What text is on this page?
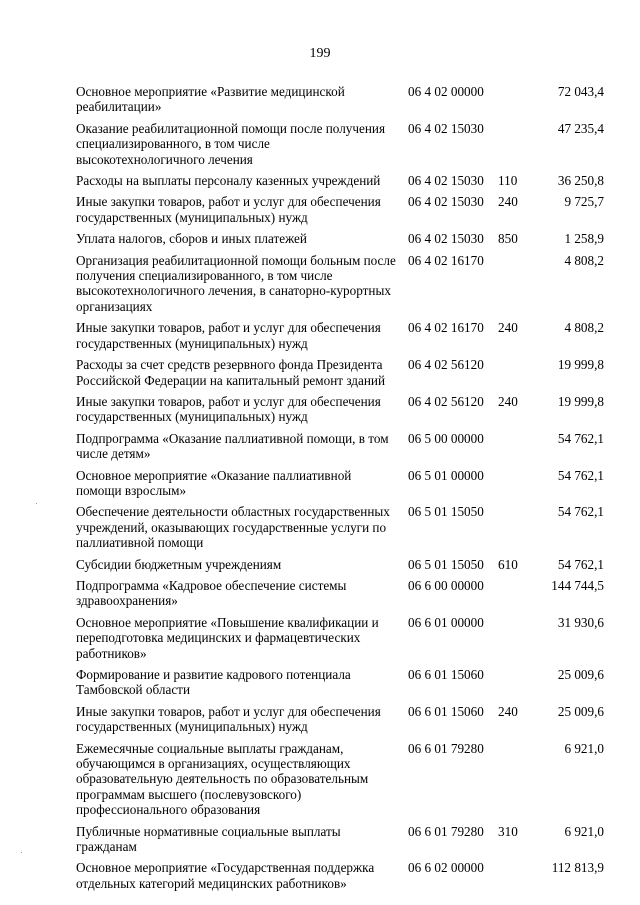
199
Основное мероприятие «Развитие медицинской реабилитации»	06 4 02 00000		72 043,4
Оказание реабилитационной помощи после получения специализированного, в том числе высокотехнологичного лечения	06 4 02 15030		47 235,4
Расходы на выплаты персоналу казенных учреждений	06 4 02 15030	110	36 250,8
Иные закупки товаров, работ и услуг для обеспечения государственных (муниципальных) нужд	06 4 02 15030	240	9 725,7
Уплата налогов, сборов и иных платежей	06 4 02 15030	850	1 258,9
Организация реабилитационной помощи больным после получения специализированного, в том числе высокотехнологичного лечения, в санаторно-курортных организациях	06 4 02 16170		4 808,2
Иные закупки товаров, работ и услуг для обеспечения государственных (муниципальных) нужд	06 4 02 16170	240	4 808,2
Расходы за счет средств резервного фонда Президента Российской Федерации на капитальный ремонт зданий	06 4 02 56120		19 999,8
Иные закупки товаров, работ и услуг для обеспечения государственных (муниципальных) нужд	06 4 02 56120	240	19 999,8
Подпрограмма «Оказание паллиативной помощи, в том числе детям»	06 5 00 00000		54 762,1
Основное мероприятие «Оказание паллиативной помощи взрослым»	06 5 01 00000		54 762,1
Обеспечение деятельности областных государственных учреждений, оказывающих государственные услуги по паллиативной помощи	06 5 01 15050		54 762,1
Субсидии бюджетным учреждениям	06 5 01 15050	610	54 762,1
Подпрограмма «Кадровое обеспечение системы здравоохранения»	06 6 00 00000		144 744,5
Основное мероприятие «Повышение квалификации и переподготовка медицинских и фармацевтических работников»	06 6 01 00000		31 930,6
Формирование и развитие кадрового потенциала Тамбовской области	06 6 01 15060		25 009,6
Иные закупки товаров, работ и услуг для обеспечения государственных (муниципальных) нужд	06 6 01 15060	240	25 009,6
Ежемесячные социальные выплаты гражданам, обучающимся в организациях, осуществляющих образовательную деятельность по образовательным программам высшего (послевузовского) профессионального образования	06 6 01 79280		6 921,0
Публичные нормативные социальные выплаты гражданам	06 6 01 79280	310	6 921,0
Основное мероприятие «Государственная поддержка отдельных категорий медицинских работников»	06 6 02 00000		112 813,9
